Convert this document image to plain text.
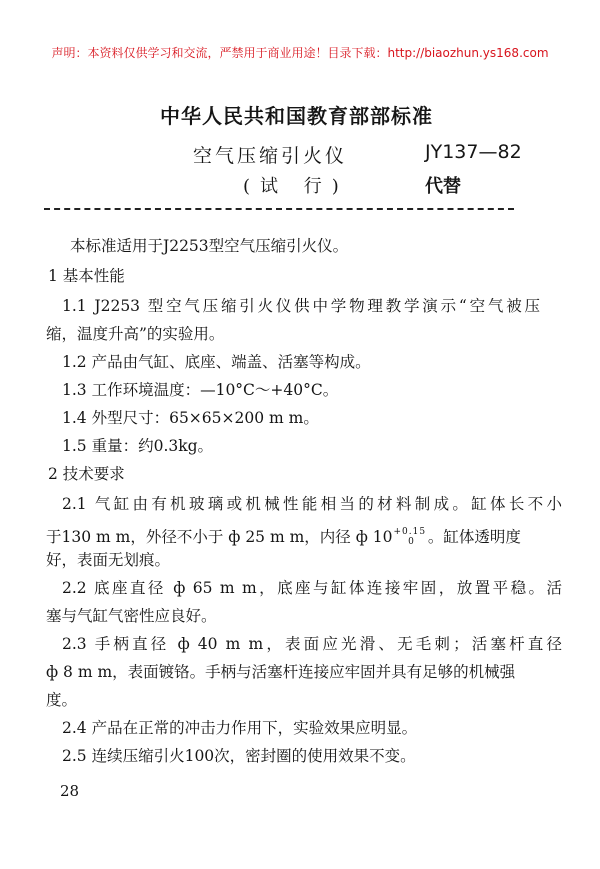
声明：本资料仅供学习和交流，严禁用于商业用途！目录下载：http://biaozhun.ys168.com
中华人民共和国教育部部标准
空气压缩引火仪	JY137—82
(试 行)	代替
本标准适用于J2253型空气压缩引火仪。
1 基本性能
1.1 J2253 型空气压缩引火仪供中学物理教学演示“空气被压
缩，温度升高”的实验用。
1.2 产品由气缸、底座、端盖、活塞等构成。
1.3 工作环境温度：—10°C～+40°C。
1.4 外型尺寸：65×65×200 m m。
1.5 重量：约0.3kg。
2 技术要求
2.1 气缸由有机玻璃或机械性能相当的材料制成。缸体长不小
于130 m m，外径不小于 ф 25 m m，内径 ф $10^{+0.15}_0$ 。缸体透明度
好，表面无划痕。
2.2 底座直径 ф 65 m m，底座与缸体连接牢固，放置平稳。活
塞与气缸气密性应良好。
2.3 手柄直径 ф 40 m m，表面应光滑、无毛刺；活塞杆直径
ф 8 m m，表面镀铬。手柄与活塞杆连接应牢固并具有足够的机械强
度。
2.4 产品在正常的冲击力作用下，实验效果应明显。
2.5 连续压缩引火100次，密封圈的使用效果不变。
28
